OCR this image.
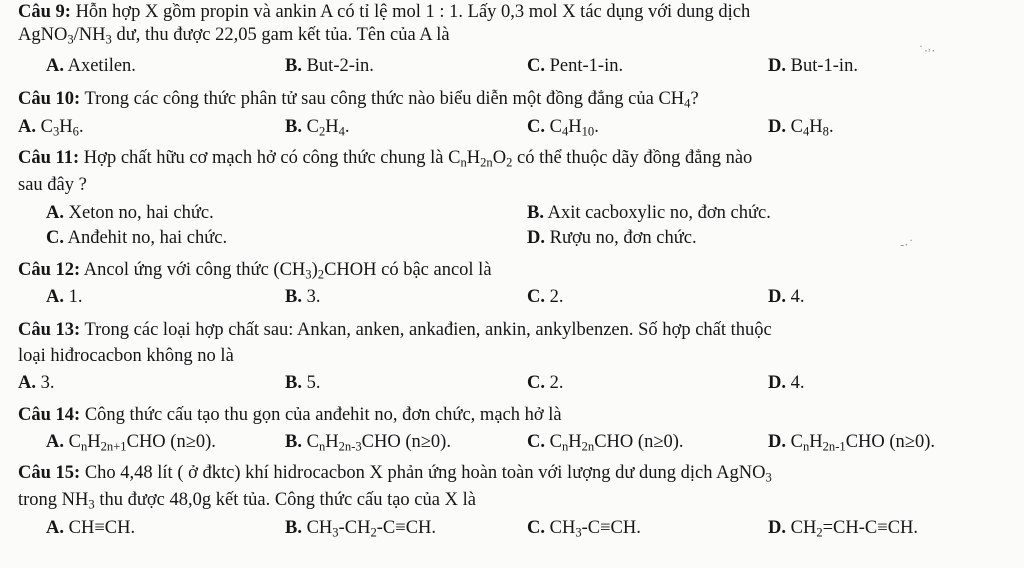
Câu 9: Hỗn hợp X gồm propin và ankin A có tỉ lệ mol 1 : 1. Lấy 0,3 mol X tác dụng với dung dịch
$AgNO_3/NH_3$ dư, thu được 22,05 gam kết tủa. Tên của A là
A. Axetilen.	B. But-2-in.	C. Pent-1-in.	D. But-1-in.
Câu 10: Trong các công thức phân tử sau công thức nào biểu diễn một đồng đẳng của $CH_4$?
A. $C_3H_6$.	B. $C_2H_4$.	C. $C_4H_{10}$.	D. $C_4H_8$.
Câu 11: Hợp chất hữu cơ mạch hở có công thức chung là $C_nH_{2n}O_2$ có thể thuộc dãy đồng đẳng nào
sau đây ?
A. Xeton no, hai chức.	B. Axit cacboxylic no, đơn chức.
C. Anđehit no, hai chức.	D. Rượu no, đơn chức.
Câu 12: Ancol ứng với công thức $(CH_3)_2CHOH$ có bậc ancol là
A. 1.	B. 3.	C. 2.	D. 4.
Câu 13: Trong các loại hợp chất sau: Ankan, anken, ankađien, ankin, ankylbenzen. Số hợp chất thuộc
loại hiđrocacbon không no là
A. 3.	B. 5.	C. 2.	D. 4.
Câu 14: Công thức cấu tạo thu gọn của anđehit no, đơn chức, mạch hở là
A. $C_nH_{2n+1}CHO$ (n≥0).	B. $C_nH_{2n-3}CHO$ (n≥0).	C. $C_nH_{2n}CHO$ (n≥0).	D. $C_nH_{2n-1}CHO$ (n≥0).
Câu 15: Cho 4,48 lít ( ở đktc) khí hidrocacbon X phản ứng hoàn toàn với lượng dư dung dịch AgNO$_3$
trong $NH_3$ thu được 48,0g kết tủa. Công thức cấu tạo của X là
A. CH≡CH.	B. $CH_3-CH_2-C\equiv CH$.	C. $CH_3-C\equiv CH$.	D. $CH_2=CH-C\equiv CH$.
˙·˒·
‐·˙
